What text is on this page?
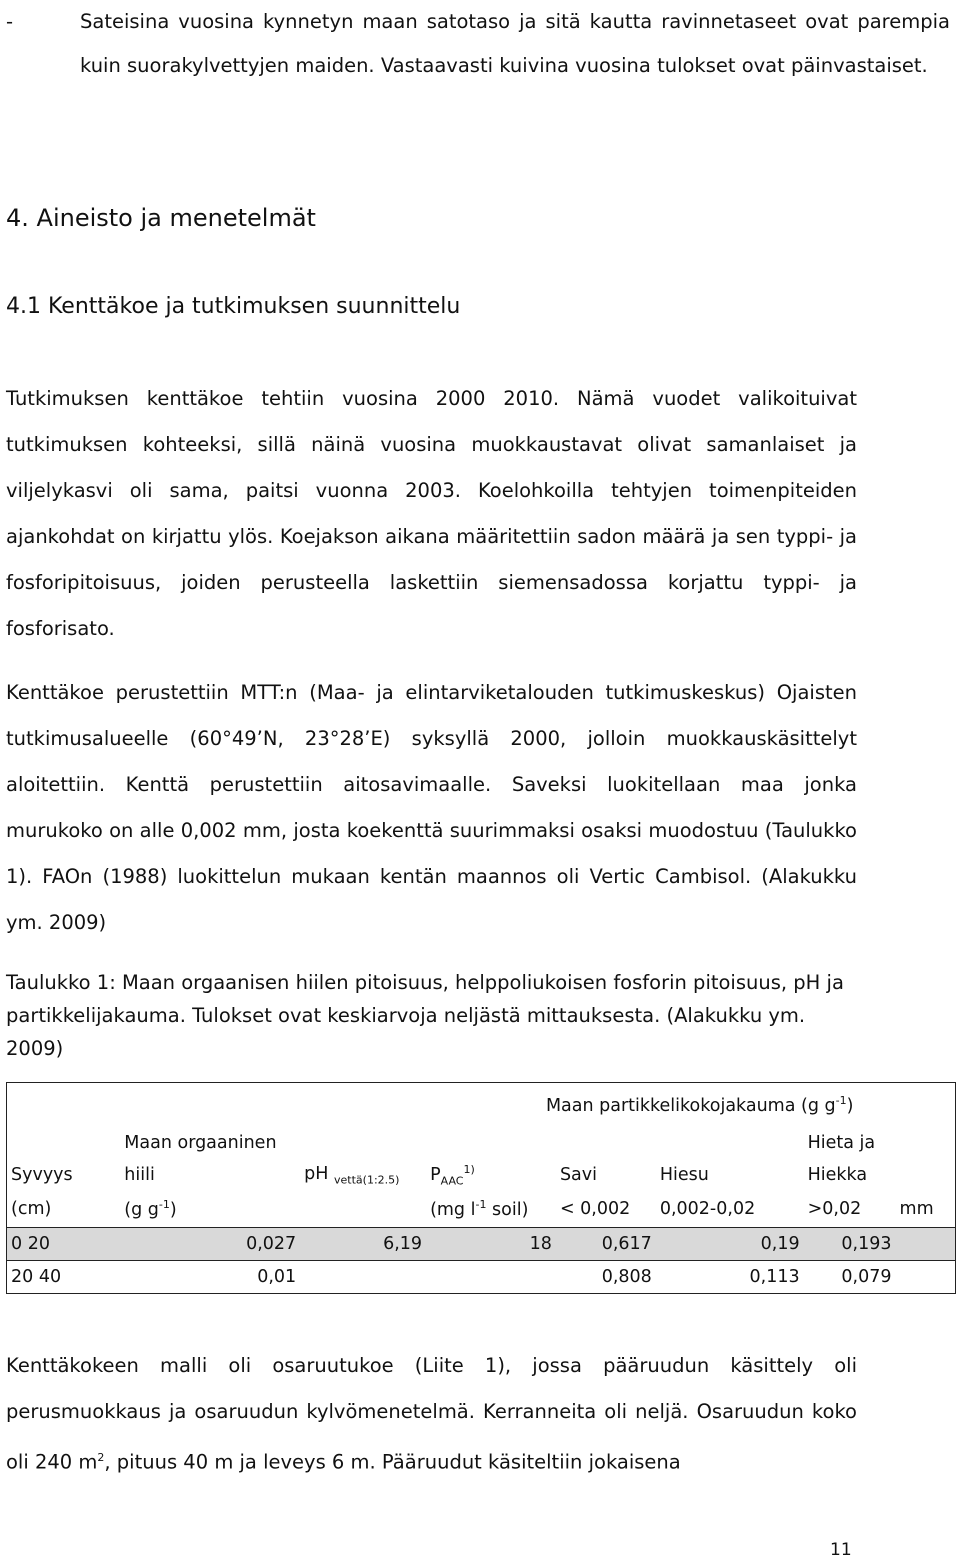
-	Sateisina vuosina kynnetyn maan satotaso ja sitä kautta ravinnetaseet ovat parempia kuin suorakylvettyjen maiden. Vastaavasti kuivina vuosina tulokset ovat päinvastaiset.
4. Aineisto ja menetelmät
4.1 Kenttäkoe ja tutkimuksen suunnittelu
Tutkimuksen kenttäkoe tehtiin vuosina 2000 2010. Nämä vuodet valikoituivat tutkimuksen kohteeksi, sillä näinä vuosina muokkaustavat olivat samanlaiset ja viljelykasvi oli sama, paitsi vuonna 2003. Koelohkoilla tehtyjen toimenpiteiden ajankohdat on kirjattu ylös. Koejakson aikana määritettiin sadon määrä ja sen typpi- ja fosforipitoisuus, joiden perusteella laskettiin siemensadossa korjattu typpi- ja fosforisato.
Kenttäkoe perustettiin MTT:n (Maa- ja elintarviketalouden tutkimuskeskus) Ojaisten tutkimusalueelle (60°49’N, 23°28’E) syksyllä 2000, jolloin muokkauskäsittelyt aloitettiin. Kenttä perustettiin aitosavimaalle. Saveksi luokitellaan maa jonka murukoko on alle 0,002 mm, josta koekenttä suurimmaksi osaksi muodostuu (Taulukko 1). FAOn (1988) luokittelun mukaan kentän maannos oli Vertic Cambisol. (Alakukku ym. 2009)
Taulukko 1: Maan orgaanisen hiilen pitoisuus, helppoliukoisen fosforin pitoisuus, pH ja partikkelijakauma. Tulokset ovat keskiarvoja neljästä mittauksesta. (Alakukku ym. 2009)
				Maan partikkelikokojakauma (g $g^{-1}$)			
	Maan orgaaninen					Hieta ja	
Syvyys	hiili	pH $_{vettä(1:2.5)}$	$P_{AAC}^{1)}$	Savi	Hiesu	Hiekka	
(cm)	(g $g^{-1}$)		(mg $l^{-1}$ soil)	< 0,002	0,002-0,02	>0,02	mm
0 20	0,027	6,19	18	0,617	0,19	0,193	
20 40	0,01			0,808	0,113	0,079	
Kenttäkokeen malli oli osaruutukoe (Liite 1), jossa pääruudun käsittely oli perusmuokkaus ja osaruudun kylvömenetelmä. Kerranneita oli neljä. Osaruudun koko oli 240 $m^2$, pituus 40 m ja leveys 6 m. Pääruudut käsiteltiin jokaisena
11
